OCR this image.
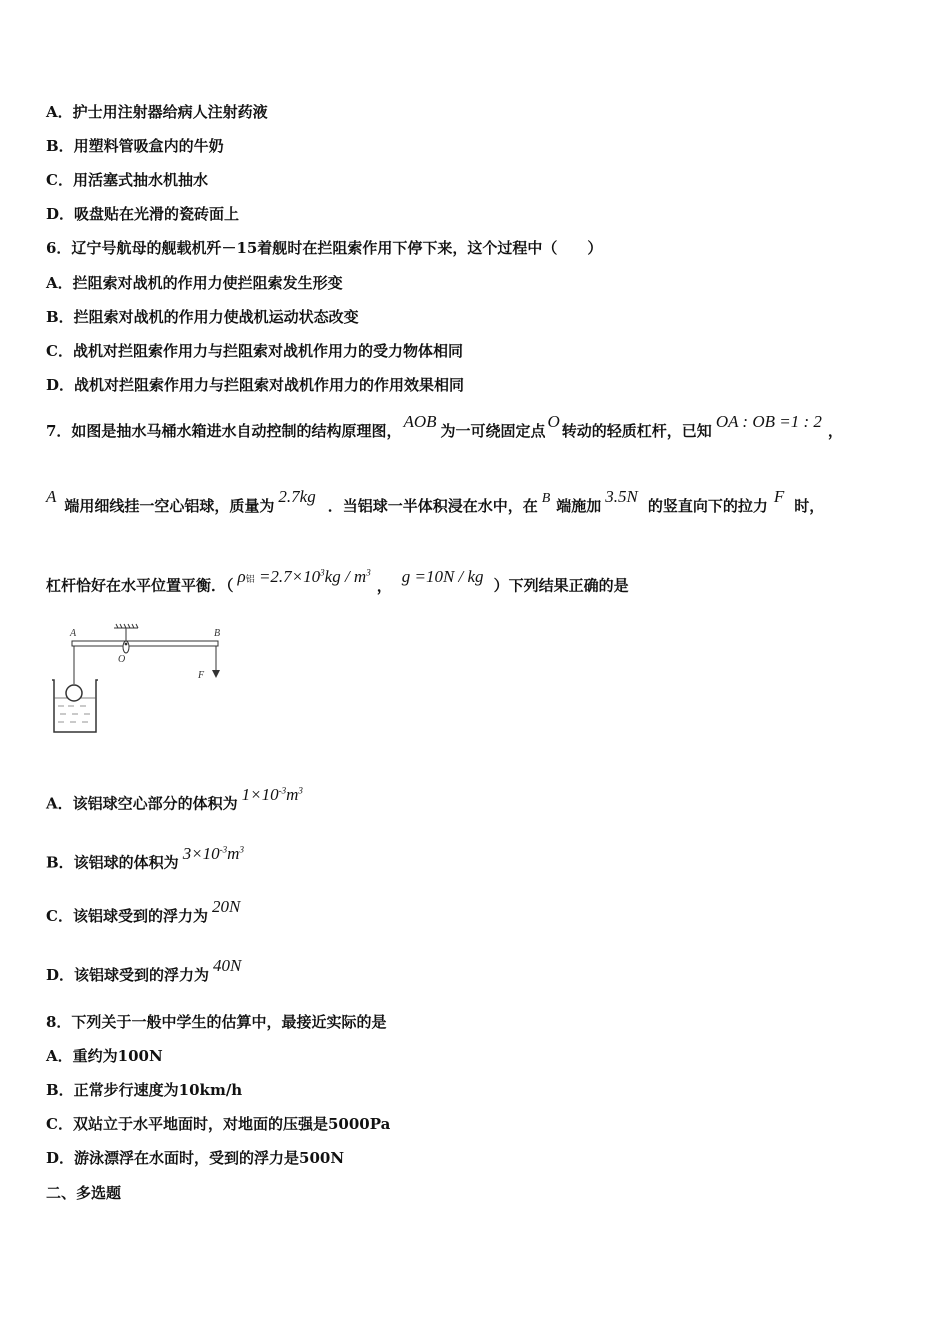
A．护士用注射器给病人注射药液
B．用塑料管吸盒内的牛奶
C．用活塞式抽水机抽水
D．吸盘贴在光滑的瓷砖面上
6．辽宁号航母的舰载机歼－15着舰时在拦阻索作用下停下来，这个过程中（　　）
A．拦阻索对战机的作用力使拦阻索发生形变
B．拦阻索对战机的作用力使战机运动状态改变
C．战机对拦阻索作用力与拦阻索对战机作用力的受力物体相同
D．战机对拦阻索作用力与拦阻索对战机作用力的作用效果相同
7．如图是抽水马桶水箱进水自动控制的结构原理图， AOB 为一可绕固定点 O 转动的轻质杠杆，已知 OA : OB =1 : 2 ，
A 端用细线挂一空心铝球，质量为 2.7kg ．当铝球一半体积浸在水中，在 B 端施加 3.5N 的竖直向下的拉力 F 时，
杠杆恰好在水平位置平衡．（ ρ铝 $=2.7\times 10^3kg / m^3$， g =10N / kg ）下列结果正确的是
A	B
O
F
A．该铝球空心部分的体积为 $1\times 10^{-3}m^3$
B．该铝球的体积为 $3\times 10^{-3}m^3$
C．该铝球受到的浮力为 20N
D．该铝球受到的浮力为 40N
8．下列关于一般中学生的估算中，最接近实际的是
A．重约为100N
B．正常步行速度为10km/h
C．双站立于水平地面时，对地面的压强是5000Pa
D．游泳漂浮在水面时，受到的浮力是500N
二、多选题
